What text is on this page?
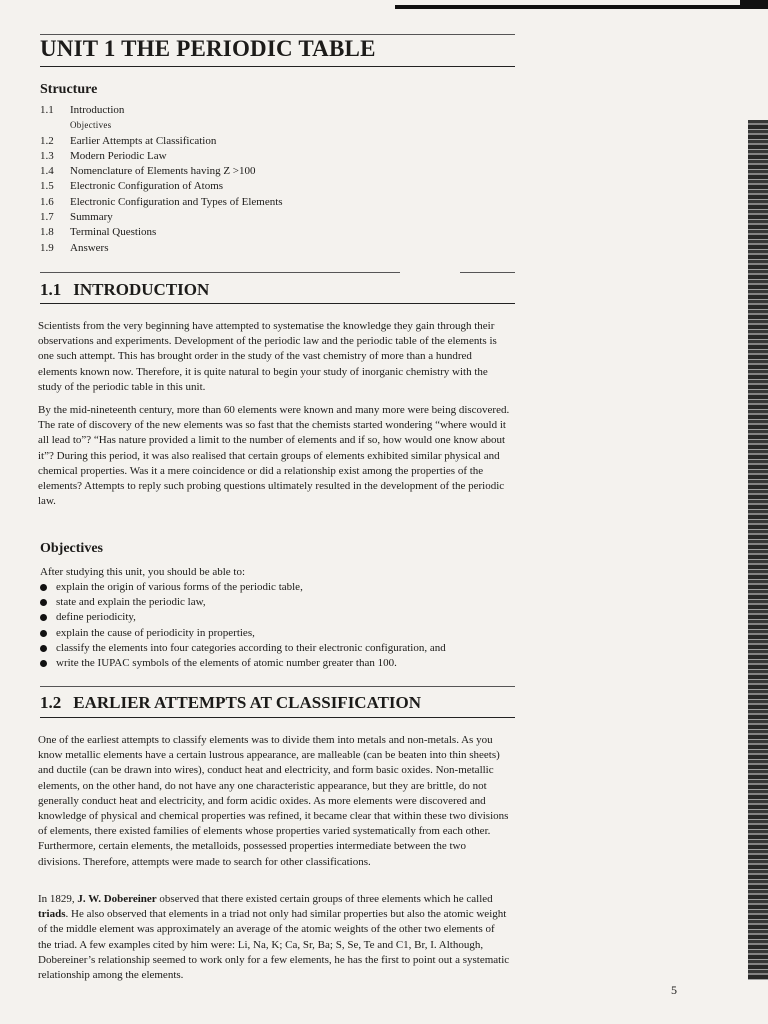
UNIT 1 THE PERIODIC TABLE
Structure
1.1	Introduction
Objectives
1.2	Earlier Attempts at Classification
1.3	Modern Periodic Law
1.4	Nomenclature of Elements having Z >100
1.5	Electronic Configuration of Atoms
1.6	Electronic Configuration and Types of Elements
1.7	Summary
1.8	Terminal Questions
1.9	Answers
1.1 INTRODUCTION

Scientists from the very beginning have attempted to systematise the knowledge they gain through their observations and experiments. Development of the periodic law and the periodic table of the elements is one such attempt. This has brought order in the study of the vast chemistry of more than a hundred elements known now. Therefore, it is quite natural to begin your study of inorganic chemistry with the study of the periodic table in this unit.

By the mid-nineteenth century, more than 60 elements were known and many more were being discovered. The rate of discovery of the new elements was so fast that the chemists started wondering “where would it all lead to”? “Has nature provided a limit to the number of elements and if so, how would one know about it”? During this period, it was also realised that certain groups of elements exhibited similar physical and chemical properties. Was it a mere coincidence or did a relationship exist among the properties of the elements? Attempts to reply such probing questions ultimately resulted in the development of the periodic law.

Objectives

After studying this unit, you should be able to:

explain the origin of various forms of the periodic table,
state and explain the periodic law,
define periodicity,
explain the cause of periodicity in properties,
classify the elements into four categories according to their electronic configuration, and
write the IUPAC symbols of the elements of atomic number greater than 100.
1.2 EARLIER ATTEMPTS AT CLASSIFICATION

One of the earliest attempts to classify elements was to divide them into metals and non-metals. As you know metallic elements have a certain lustrous appearance, are malleable (can be beaten into thin sheets) and ductile (can be drawn into wires), conduct heat and electricity, and form basic oxides. Non-metallic elements, on the other hand, do not have any one characteristic appearance, but they are brittle, do not generally conduct heat and electricity, and form acidic oxides. As more elements were discovered and knowledge of physical and chemical properties was refined, it became clear that within these two divisions of elements, there existed families of elements whose properties varied systematically from each other. Furthermore, certain elements, the metalloids, possessed properties intermediate between the two divisions. Therefore, attempts were made to search for other classifications.

In 1829, J. W. Dobereiner observed that there existed certain groups of three elements which he called triads. He also observed that elements in a triad not only had similar properties but also the atomic weight of the middle element was approximately an average of the atomic weights of the other two elements of the triad. A few examples cited by him were: Li, Na, K; Ca, Sr, Ba; S, Se, Te and C1, Br, I. Although, Dobereiner’s relationship seemed to work only for a few elements, he has the first to point out a systematic relationship among the elements.

5
